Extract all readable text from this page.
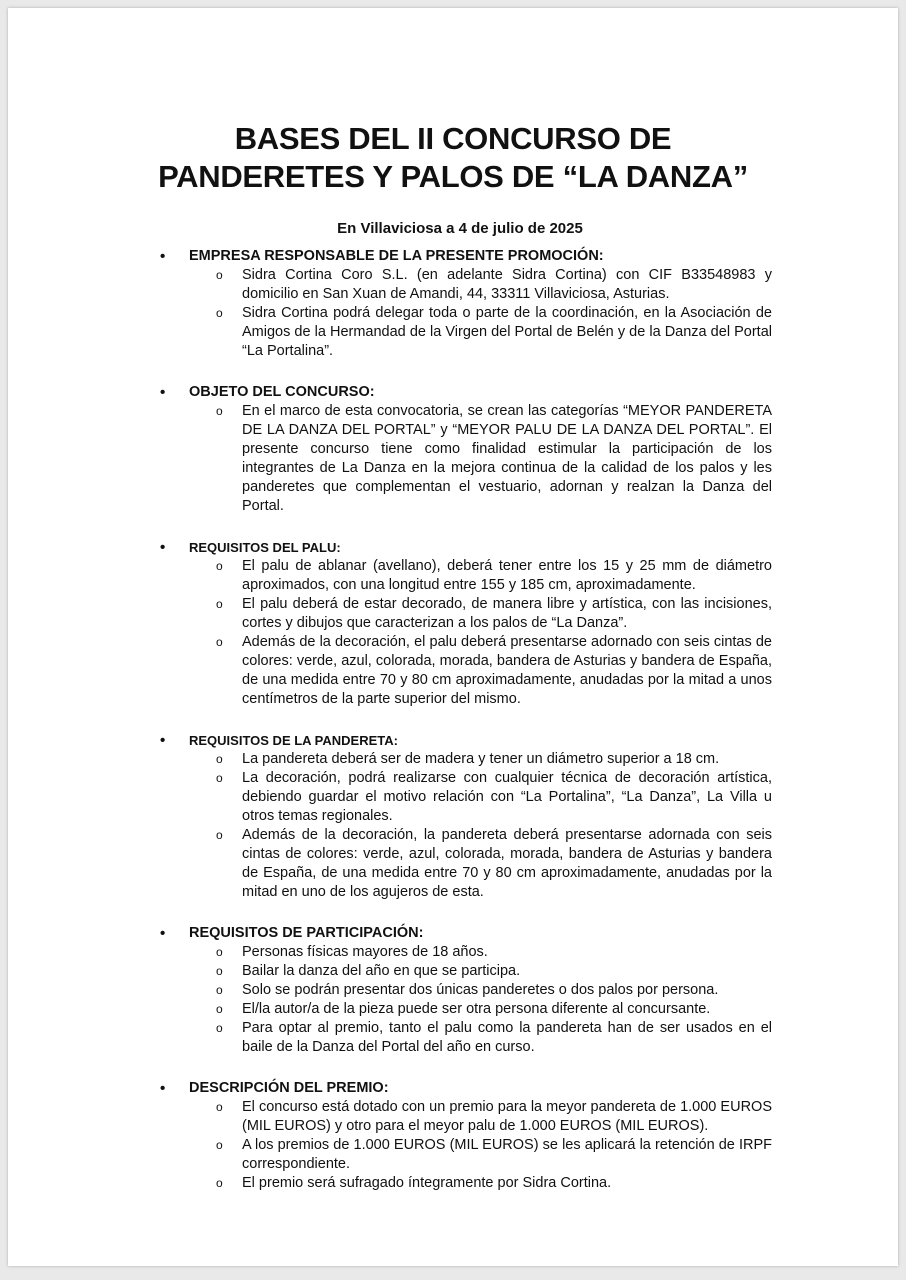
BASES DEL II CONCURSO DE
PANDERETES Y PALOS DE “LA DANZA”
En Villaviciosa a 4 de julio de 2025
• EMPRESA RESPONSABLE DE LA PRESENTE PROMOCIÓN:
o Sidra Cortina Coro S.L. (en adelante Sidra Cortina) con CIF B33548983 y domicilio en San Xuan de Amandi, 44, 33311 Villaviciosa, Asturias.
o Sidra Cortina podrá delegar toda o parte de la coordinación, en la Asociación de Amigos de la Hermandad de la Virgen del Portal de Belén y de la Danza del Portal “La Portalina”.
• OBJETO DEL CONCURSO:
o En el marco de esta convocatoria, se crean las categorías “MEYOR PANDERETA DE LA DANZA DEL PORTAL” y “MEYOR PALU DE LA DANZA DEL PORTAL”. El presente concurso tiene como finalidad estimular la participación de los integrantes de La Danza en la mejora continua de la calidad de los palos y les panderetes que complementan el vestuario, adornan y realzan la Danza del Portal.
• REQUISITOS DEL PALU:
o El palu de ablanar (avellano), deberá tener entre los 15 y 25 mm de diámetro aproximados, con una longitud entre 155 y 185 cm, aproximadamente.
o El palu deberá de estar decorado, de manera libre y artística, con las incisiones, cortes y dibujos que caracterizan a los palos de “La Danza”.
o Además de la decoración, el palu deberá presentarse adornado con seis cintas de colores: verde, azul, colorada, morada, bandera de Asturias y bandera de España, de una medida entre 70 y 80 cm aproximadamente, anudadas por la mitad a unos centímetros de la parte superior del mismo.
• REQUISITOS DE LA PANDERETA:
o La pandereta deberá ser de madera y tener un diámetro superior a 18 cm.
o La decoración, podrá realizarse con cualquier técnica de decoración artística, debiendo guardar el motivo relación con “La Portalina”, “La Danza”, La Villa u otros temas regionales.
o Además de la decoración, la pandereta deberá presentarse adornada con seis cintas de colores: verde, azul, colorada, morada, bandera de Asturias y bandera de España, de una medida entre 70 y 80 cm aproximadamente, anudadas por la mitad en uno de los agujeros de esta.
• REQUISITOS DE PARTICIPACIÓN:
o Personas físicas mayores de 18 años.
o Bailar la danza del año en que se participa.
o Solo se podrán presentar dos únicas panderetes o dos palos por persona.
o El/la autor/a de la pieza puede ser otra persona diferente al concursante.
o Para optar al premio, tanto el palu como la pandereta han de ser usados en el baile de la Danza del Portal del año en curso.
• DESCRIPCIÓN DEL PREMIO:
o El concurso está dotado con un premio para la meyor pandereta de 1.000 EUROS (MIL EUROS) y otro para el meyor palu de 1.000 EUROS (MIL EUROS).
o A los premios de 1.000 EUROS (MIL EUROS) se les aplicará la retención de IRPF correspondiente.
o El premio será sufragado íntegramente por Sidra Cortina.
